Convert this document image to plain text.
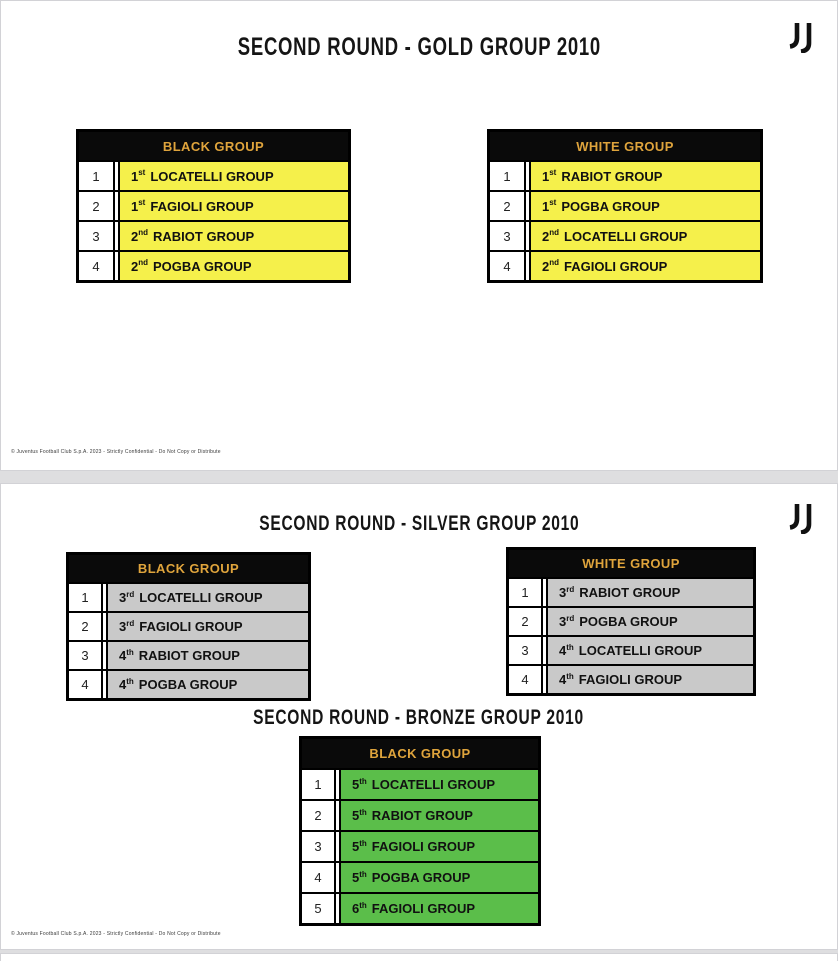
SECOND ROUND - GOLD GROUP 2010
BLACK GROUP
1	1st LOCATELLI GROUP
2	1st FAGIOLI GROUP
3	2nd RABIOT GROUP
4	2nd POGBA GROUP
WHITE GROUP
1	1st RABIOT GROUP
2	1st POGBA GROUP
3	2nd LOCATELLI GROUP
4	2nd FAGIOLI GROUP
© Juventus Football Club S.p.A. 2023 - Strictly Confidential - Do Not Copy or Distribute
SECOND ROUND - SILVER GROUP 2010
BLACK GROUP
1	3rd LOCATELLI GROUP
2	3rd FAGIOLI GROUP
3	4th RABIOT GROUP
4	4th POGBA GROUP
WHITE GROUP
1	3rd RABIOT GROUP
2	3rd POGBA GROUP
3	4th LOCATELLI GROUP
4	4th FAGIOLI GROUP
SECOND ROUND - BRONZE GROUP 2010
BLACK GROUP
1	5th LOCATELLI GROUP
2	5th RABIOT GROUP
3	5th FAGIOLI GROUP
4	5th POGBA GROUP
5	6th FAGIOLI GROUP
© Juventus Football Club S.p.A. 2023 - Strictly Confidential - Do Not Copy or Distribute
